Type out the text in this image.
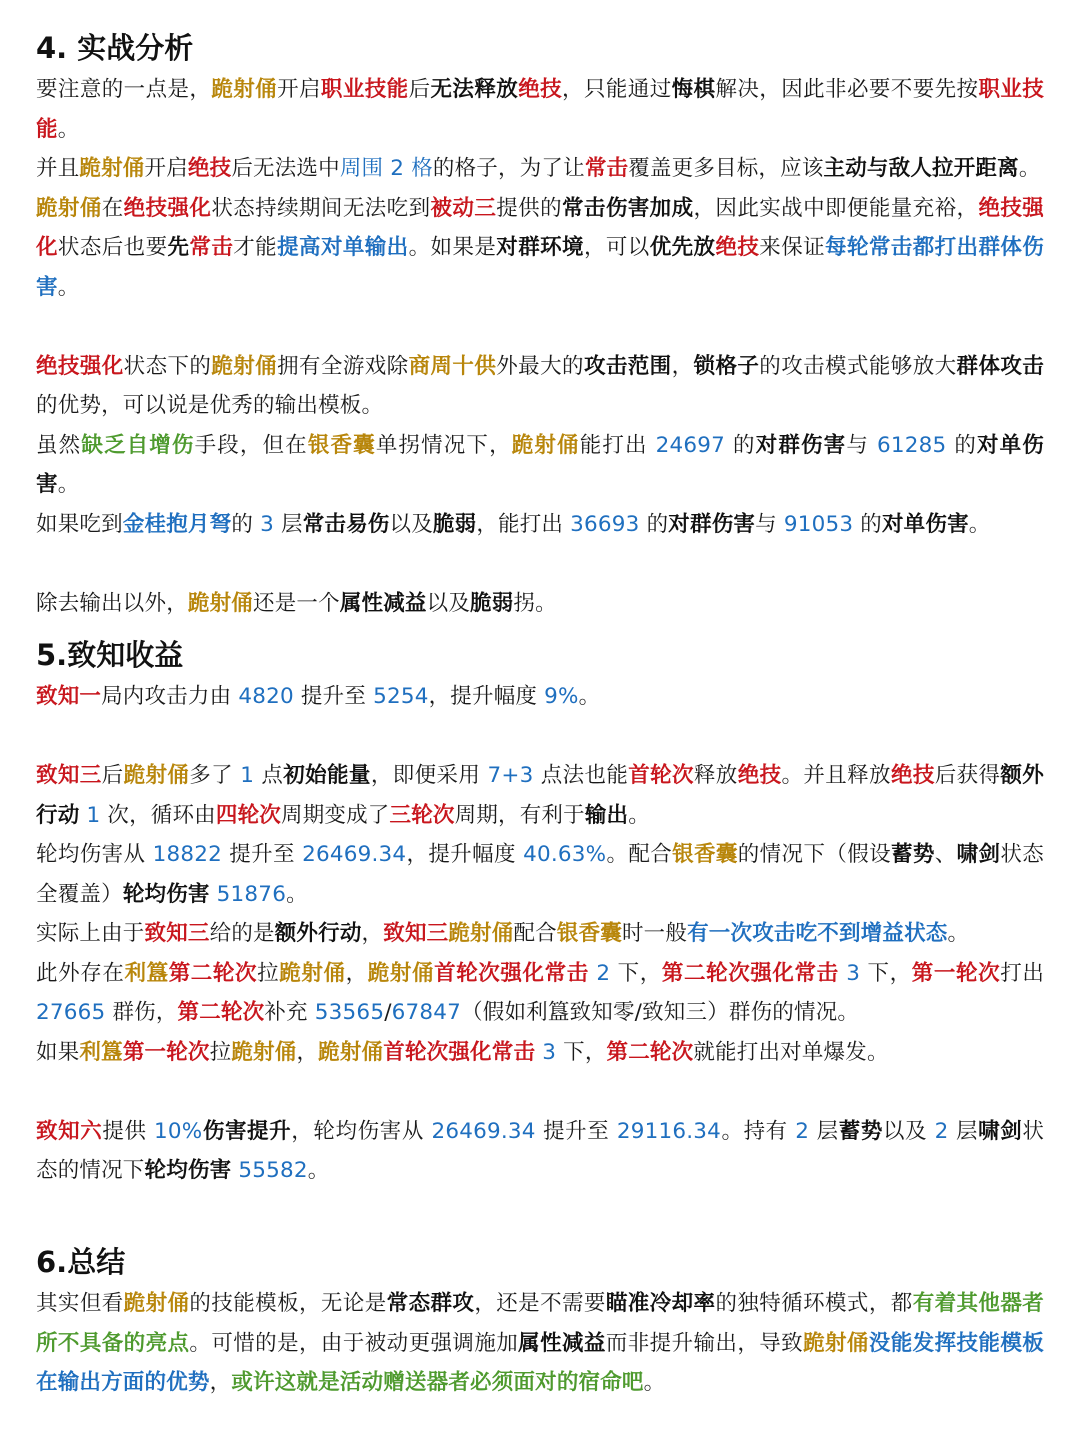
4. 实战分析

要注意的一点是，跪射俑开启职业技能后无法释放绝技，只能通过悔棋解决，因此非必要不要先按职业技能。

并且跪射俑开启绝技后无法选中周围 2 格的格子，为了让常击覆盖更多目标，应该主动与敌人拉开距离。

跪射俑在绝技强化状态持续期间无法吃到被动三提供的常击伤害加成，因此实战中即便能量充裕，绝技强化状态后也要先常击才能提高对单输出。如果是对群环境，可以优先放绝技来保证每轮常击都打出群体伤害。

绝技强化状态下的跪射俑拥有全游戏除商周十供外最大的攻击范围，锁格子的攻击模式能够放大群体攻击的优势，可以说是优秀的输出模板。

虽然缺乏自增伤手段，但在银香囊单拐情况下，跪射俑能打出 24697 的对群伤害与 61285 的对单伤害。

如果吃到金桂抱月弩的 3 层常击易伤以及脆弱，能打出 36693 的对群伤害与 91053 的对单伤害。

除去输出以外，跪射俑还是一个属性减益以及脆弱拐。

5.致知收益

致知一局内攻击力由 4820 提升至 5254，提升幅度 9%。

致知三后跪射俑多了 1 点初始能量，即便采用 7+3 点法也能首轮次释放绝技。并且释放绝技后获得额外行动 1 次，循环由四轮次周期变成了三轮次周期，有利于输出。

轮均伤害从 18822 提升至 26469.34，提升幅度 40.63%。配合银香囊的情况下（假设蓄势、啸剑状态全覆盖）轮均伤害 51876。

实际上由于致知三给的是额外行动，致知三跪射俑配合银香囊时一般有一次攻击吃不到增益状态。

此外存在利簋第二轮次拉跪射俑，跪射俑首轮次强化常击 2 下，第二轮次强化常击 3 下，第一轮次打出 27665 群伤，第二轮次补充 53565/67847（假如利簋致知零/致知三）群伤的情况。

如果利簋第一轮次拉跪射俑，跪射俑首轮次强化常击 3 下，第二轮次就能打出对单爆发。

致知六提供 10%伤害提升，轮均伤害从 26469.34 提升至 29116.34。持有 2 层蓄势以及 2 层啸剑状态的情况下轮均伤害 55582。

6.总结

其实但看跪射俑的技能模板，无论是常态群攻，还是不需要瞄准冷却率的独特循环模式，都有着其他器者所不具备的亮点。可惜的是，由于被动更强调施加属性减益而非提升输出，导致跪射俑没能发挥技能模板在输出方面的优势，或许这就是活动赠送器者必须面对的宿命吧。
